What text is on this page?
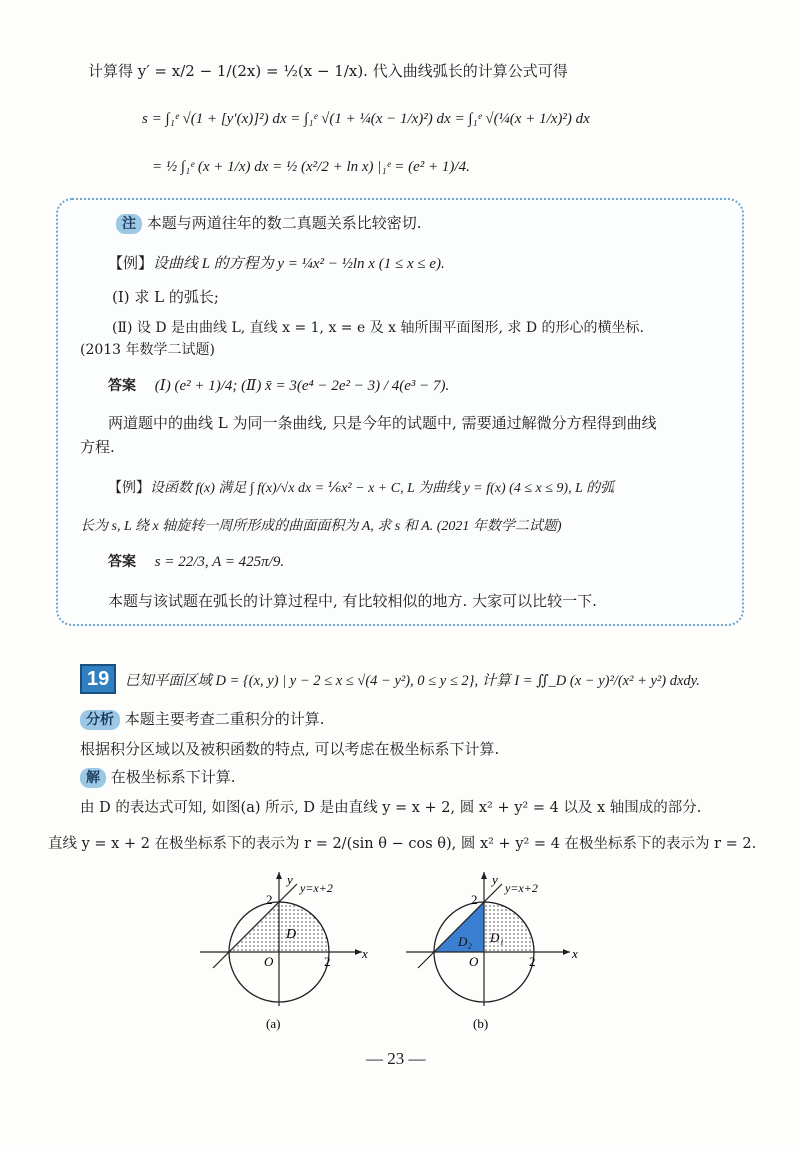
计算得 y′ = x/2 − 1/(2x) = ½(x − 1/x). 代入曲线弧长的计算公式可得
s = ∫₁ᵉ √(1 + [y′(x)]²) dx = ∫₁ᵉ √(1 + ¼(x − 1/x)²) dx = ∫₁ᵉ √(¼(x + 1/x)²) dx
= ½ ∫₁ᵉ (x + 1/x) dx = ½ (x²/2 + ln x) |₁ᵉ = (e² + 1)/4.
注 本题与两道往年的数二真题关系比较密切.
【例】设曲线 L 的方程为 y = ¼x² − ½ln x (1 ≤ x ≤ e).
(Ⅰ) 求 L 的弧长;
(Ⅱ) 设 D 是由曲线 L, 直线 x = 1, x = e 及 x 轴所围平面图形, 求 D 的形心的横坐标.
(2013 年数学二试题)
答案 (Ⅰ) (e² + 1)/4; (Ⅱ) x̄ = 3(e⁴ − 2e² − 3) / 4(e³ − 7).
两道题中的曲线 L 为同一条曲线, 只是今年的试题中, 需要通过解微分方程得到曲线
方程.
【例】设函数 f(x) 满足 ∫ f(x)/√x dx = ⅙x² − x + C, L 为曲线 y = f(x) (4 ≤ x ≤ 9), L 的弧
长为 s, L 绕 x 轴旋转一周所形成的曲面面积为 A, 求 s 和 A. (2021 年数学二试题)
答案 s = 22/3, A = 425π/9.
本题与该试题在弧长的计算过程中, 有比较相似的地方. 大家可以比较一下.
19 已知平面区域 D = {(x, y) | y − 2 ≤ x ≤ √(4 − y²), 0 ≤ y ≤ 2}, 计算 I = ∬_D (x − y)²/(x² + y²) dxdy.
分析 本题主要考查二重积分的计算.
根据积分区域以及被积函数的特点, 可以考虑在极坐标系下计算.
解 在极坐标系下计算.
由 D 的表达式可知, 如图(a) 所示, D 是由直线 y = x + 2, 圆 x² + y² = 4 以及 x 轴围成的部分.
直线 y = x + 2 在极坐标系下的表示为 r = 2/(sin θ − cos θ), 圆 x² + y² = 4 在极坐标系下的表示为 r = 2.
y
y=x+2
2
D
O	2
x
(a)
y
y=x+2
2
D₁
D₂
O	2
x
(b)
— 23 —
